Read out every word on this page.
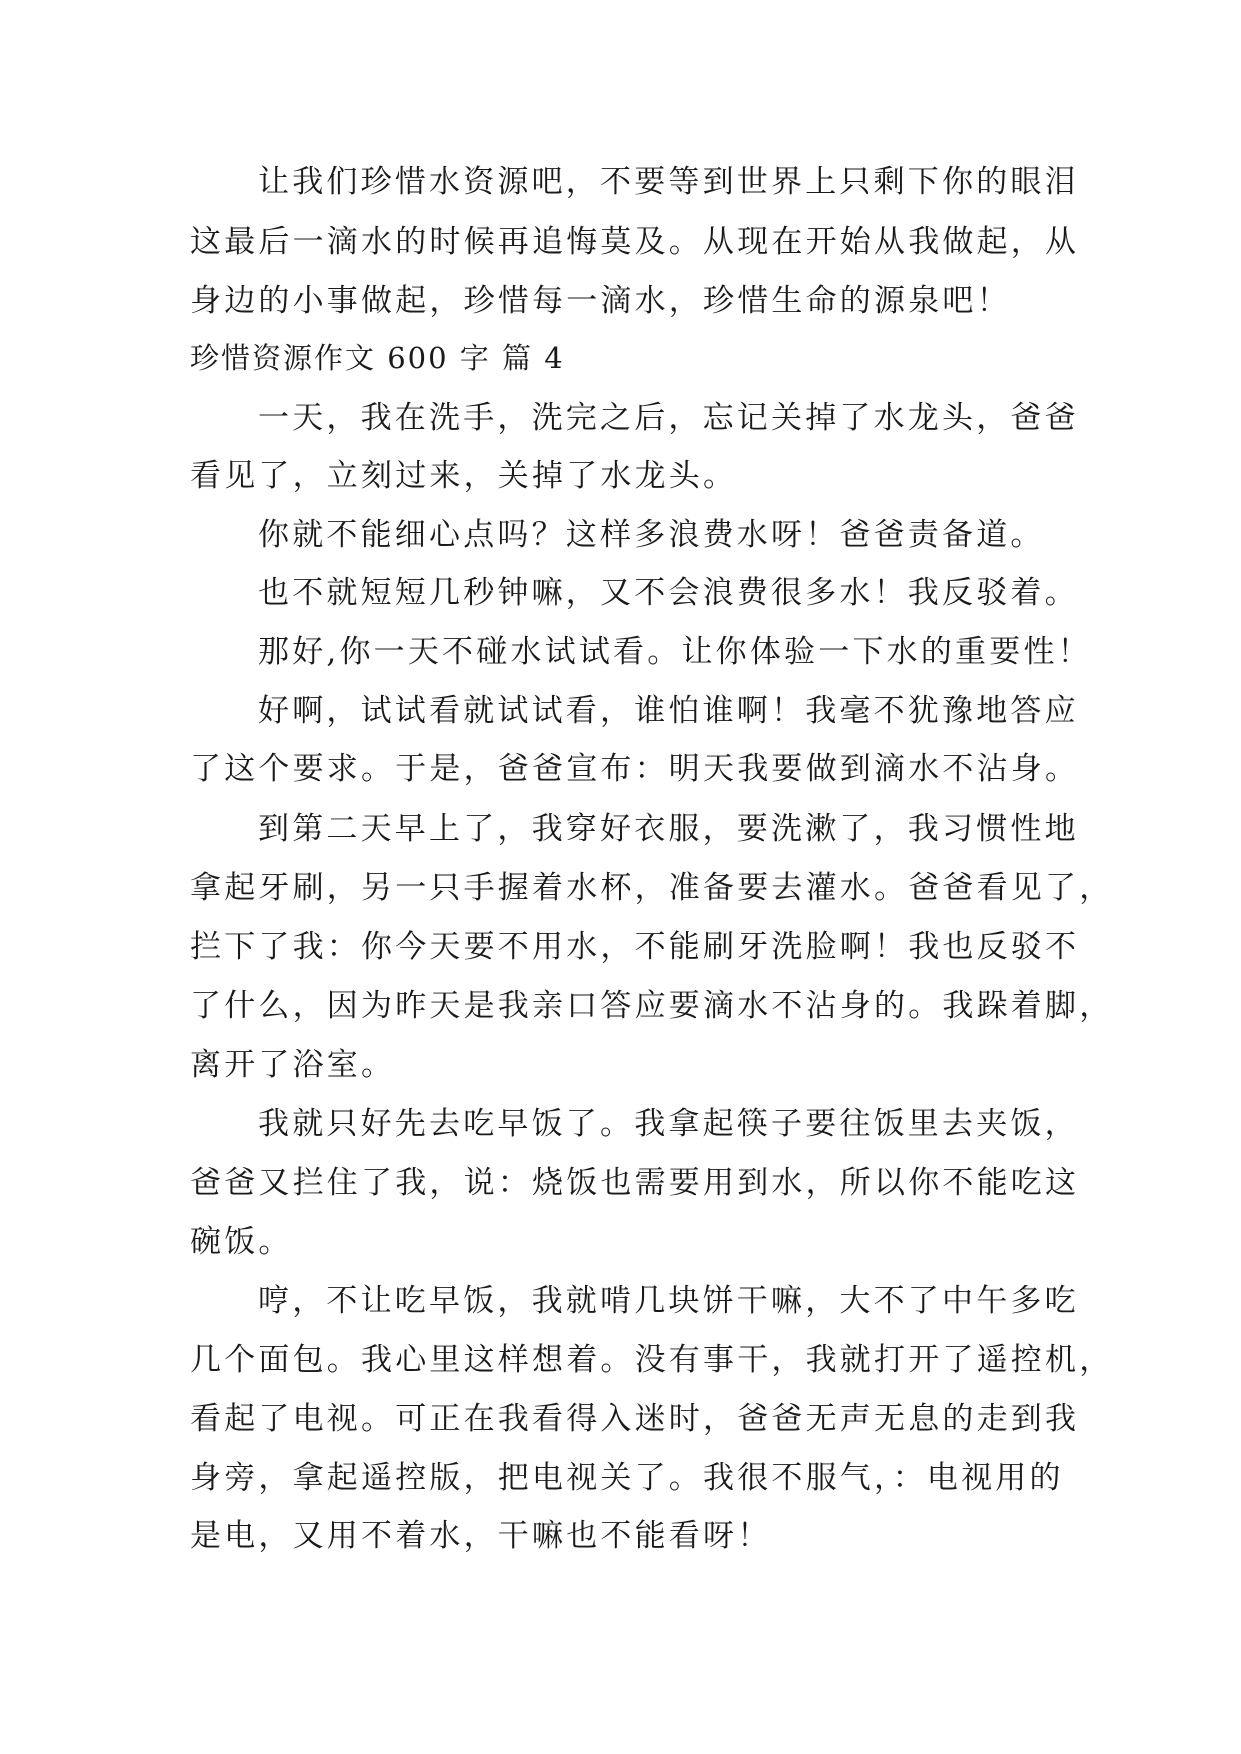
让我们珍惜水资源吧，不要等到世界上只剩下你的眼泪
这最后一滴水的时候再追悔莫及。从现在开始从我做起，从
身边的小事做起，珍惜每一滴水，珍惜生命的源泉吧！
珍惜资源作文 600 字 篇 4
一天，我在洗手，洗完之后，忘记关掉了水龙头，爸爸
看见了，立刻过来，关掉了水龙头。
你就不能细心点吗？这样多浪费水呀！爸爸责备道。
也不就短短几秒钟嘛，又不会浪费很多水！我反驳着。
那好,你一天不碰水试试看。让你体验一下水的重要性！
好啊，试试看就试试看，谁怕谁啊！我毫不犹豫地答应
了这个要求。于是，爸爸宣布：明天我要做到滴水不沾身。
到第二天早上了，我穿好衣服，要洗漱了，我习惯性地
拿起牙刷，另一只手握着水杯，准备要去灌水。爸爸看见了，
拦下了我：你今天要不用水，不能刷牙洗脸啊！我也反驳不
了什么，因为昨天是我亲口答应要滴水不沾身的。我跺着脚，
离开了浴室。
我就只好先去吃早饭了。我拿起筷子要往饭里去夹饭，
爸爸又拦住了我，说：烧饭也需要用到水，所以你不能吃这
碗饭。
哼，不让吃早饭，我就啃几块饼干嘛，大不了中午多吃
几个面包。我心里这样想着。没有事干，我就打开了遥控机，
看起了电视。可正在我看得入迷时，爸爸无声无息的走到我
身旁，拿起遥控版，把电视关了。我很不服气，：电视用的
是电，又用不着水，干嘛也不能看呀！
